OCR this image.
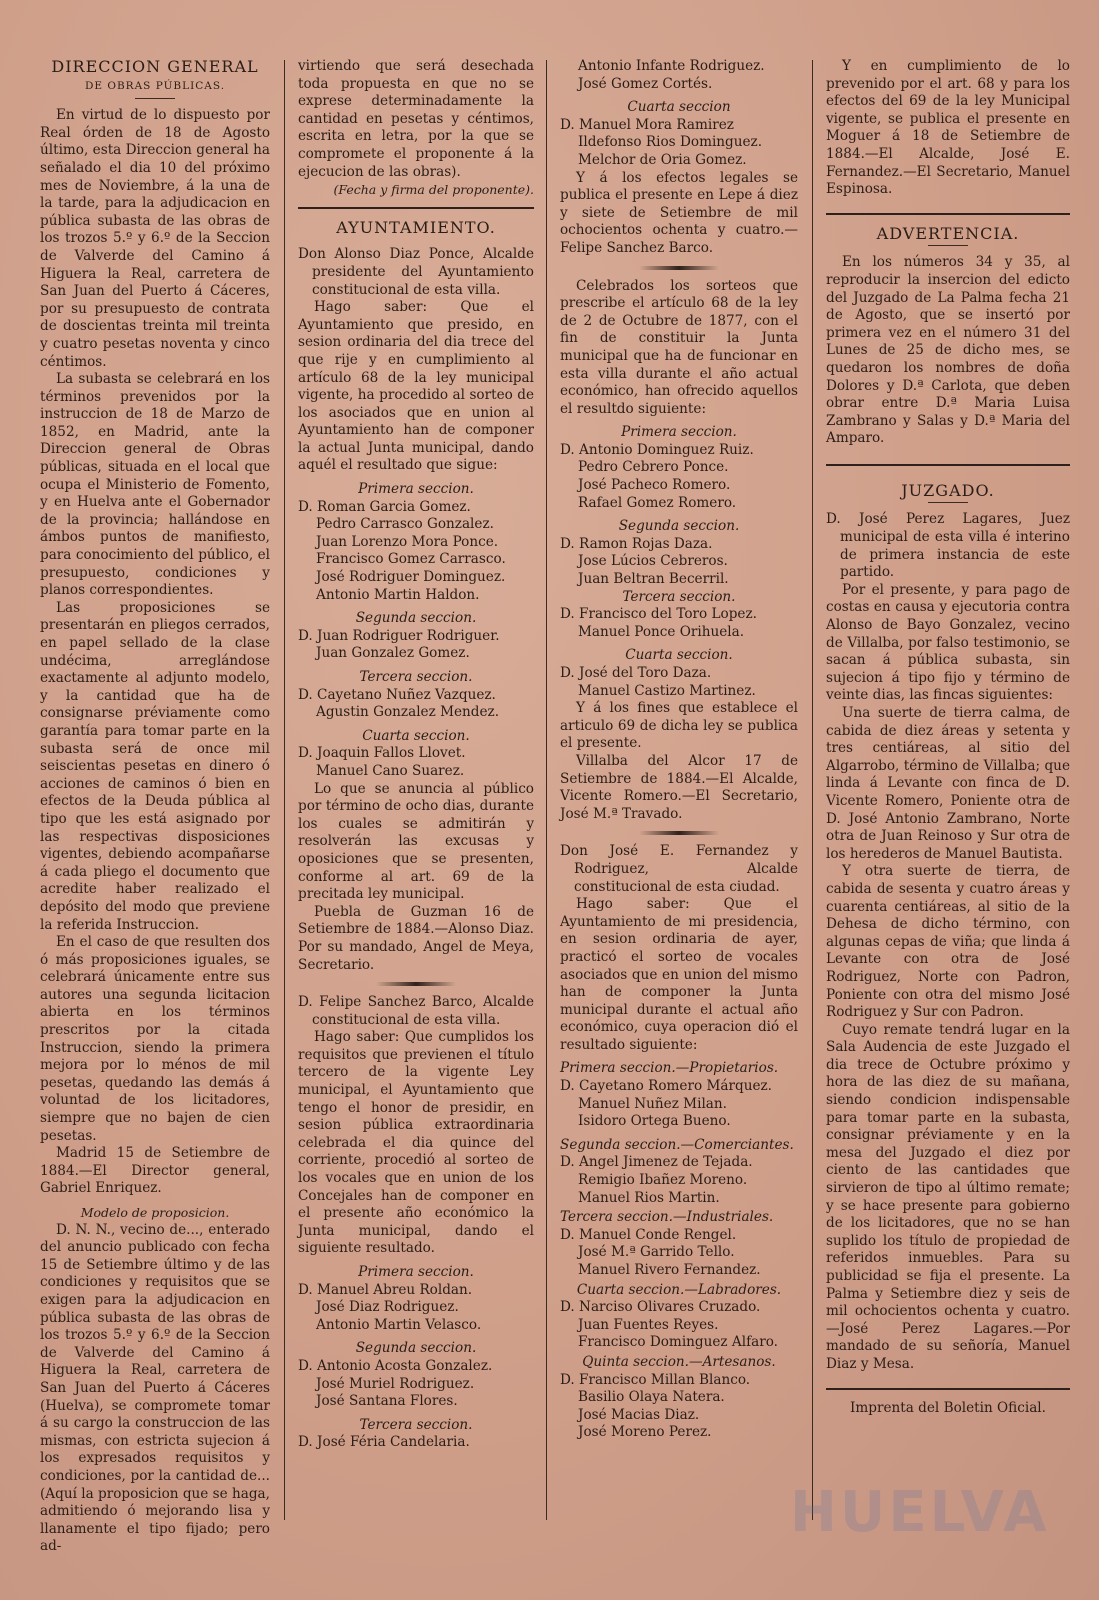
DIRECCION GENERAL
DE OBRAS PÚBLICAS.

En virtud de lo dispuesto por Real órden de 18 de Agosto último, esta Direccion general ha señalado el dia 10 del próximo mes de Noviembre, á la una de la tarde, para la adjudicacion en pública subasta de las obras de los trozos 5.º y 6.º de la Seccion de Valverde del Camino á Higuera la Real, carretera de San Juan del Puerto á Cáceres, por su presupuesto de contrata de doscientas treinta mil treinta y cuatro pesetas noventa y cinco céntimos.

La subasta se celebrará en los términos prevenidos por la instruccion de 18 de Marzo de 1852, en Madrid, ante la Direccion general de Obras públicas, situada en el local que ocupa el Ministerio de Fomento, y en Huelva ante el Gobernador de la provincia; hallándose en ámbos puntos de manifiesto, para conocimiento del público, el presupuesto, condiciones y planos correspondientes.

Las proposiciones se presentarán en pliegos cerrados, en papel sellado de la clase undécima, arreglándose exactamente al adjunto modelo, y la cantidad que ha de consignarse préviamente como garantía para tomar parte en la subasta será de once mil seiscientas pesetas en dinero ó acciones de caminos ó bien en efectos de la Deuda pública al tipo que les está asignado por las respectivas disposiciones vigentes, debiendo acompañarse á cada pliego el documento que acredite haber realizado el depósito del modo que previene la referida Instruccion.

En el caso de que resulten dos ó más proposiciones iguales, se celebrará únicamente entre sus autores una segunda licitacion abierta en los términos prescritos por la citada Instruccion, siendo la primera mejora por lo ménos de mil pesetas, quedando las demás á voluntad de los licitadores, siempre que no bajen de cien pesetas.

Madrid 15 de Setiembre de 1884.—El Director general, Gabriel Enriquez.

Modelo de proposicion.

D. N. N., vecino de..., enterado del anuncio publicado con fecha 15 de Setiembre último y de las condiciones y requisitos que se exigen para la adjudicacion en pública subasta de las obras de los trozos 5.º y 6.º de la Seccion de Valverde del Camino á Higuera la Real, carretera de San Juan del Puerto á Cáceres (Huelva), se compromete tomar á su cargo la construccion de las mismas, con estricta sujecion á los expresados requisitos y condiciones, por la cantidad de... (Aquí la proposicion que se haga, admitiendo ó mejorando lisa y llanamente el tipo fijado; pero ad-

virtiendo que será desechada toda propuesta en que no se exprese determinadamente la cantidad en pesetas y céntimos, escrita en letra, por la que se compromete el proponente á la ejecucion de las obras).

(Fecha y firma del proponente).
AYUNTAMIENTO.

Don Alonso Diaz Ponce, Alcalde presidente del Ayuntamiento constitucional de esta villa.

Hago saber: Que el Ayuntamiento que presido, en sesion ordinaria del dia trece del que rije y en cumplimiento al artículo 68 de la ley municipal vigente, ha procedido al sorteo de los asociados que en union al Ayuntamiento han de componer la actual Junta municipal, dando aquél el resultado que sigue:

Primera seccion.
D. Roman Garcia Gomez.
Pedro Carrasco Gonzalez.
Juan Lorenzo Mora Ponce.
Francisco Gomez Carrasco.
José Rodriguer Dominguez.
Antonio Martin Haldon.
Segunda seccion.
D. Juan Rodriguer Rodriguer.
Juan Gonzalez Gomez.
Tercera seccion.
D. Cayetano Nuñez Vazquez.
Agustin Gonzalez Mendez.
Cuarta seccion.
D. Joaquin Fallos Llovet.
Manuel Cano Suarez.

Lo que se anuncia al público por término de ocho dias, durante los cuales se admitirán y resolverán las excusas y oposiciones que se presenten, conforme al art. 69 de la precitada ley municipal.

Puebla de Guzman 16 de Setiembre de 1884.—Alonso Diaz. Por su mandado, Angel de Meya, Secretario.

D. Felipe Sanchez Barco, Alcalde constitucional de esta villa.

Hago saber: Que cumplidos los requisitos que previenen el título tercero de la vigente Ley municipal, el Ayuntamiento que tengo el honor de presidir, en sesion pública extraordinaria celebrada el dia quince del corriente, procedió al sorteo de los vocales que en union de los Concejales han de componer en el presente año económico la Junta municipal, dando el siguiente resultado.

Primera seccion.
D. Manuel Abreu Roldan.
José Diaz Rodriguez.
Antonio Martin Velasco.
Segunda seccion.
D. Antonio Acosta Gonzalez.
José Muriel Rodriguez.
José Santana Flores.
Tercera seccion.
D. José Féria Candelaria.
Antonio Infante Rodriguez.
José Gomez Cortés.
Cuarta seccion
D. Manuel Mora Ramirez
Ildefonso Rios Dominguez.
Melchor de Oria Gomez.

Y á los efectos legales se publica el presente en Lepe á diez y siete de Setiembre de mil ochocientos ochenta y cuatro.—Felipe Sanchez Barco.

Celebrados los sorteos que prescribe el artículo 68 de la ley de 2 de Octubre de 1877, con el fin de constituir la Junta municipal que ha de funcionar en esta villa durante el año actual económico, han ofrecido aquellos el resultdo siguiente:

Primera seccion.
D. Antonio Dominguez Ruiz.
Pedro Cebrero Ponce.
José Pacheco Romero.
Rafael Gomez Romero.
Segunda seccion.
D. Ramon Rojas Daza.
Jose Lúcios Cebreros.
Juan Beltran Becerril.
Tercera seccion.
D. Francisco del Toro Lopez.
Manuel Ponce Orihuela.
Cuarta seccion.
D. José del Toro Daza.
Manuel Castizo Martinez.

Y á los fines que establece el articulo 69 de dicha ley se publica el presente.

Villalba del Alcor 17 de Setiembre de 1884.—El Alcalde, Vicente Romero.—El Secretario, José M.ª Travado.

Don José E. Fernandez y Rodriguez, Alcalde constitucional de esta ciudad.

Hago saber: Que el Ayuntamiento de mi presidencia, en sesion ordinaria de ayer, practicó el sorteo de vocales asociados que en union del mismo han de componer la Junta municipal durante el actual año económico, cuya operacion dió el resultado siguiente:

Primera seccion.—Propietarios.
D. Cayetano Romero Márquez.
Manuel Nuñez Milan.
Isidoro Ortega Bueno.
Segunda seccion.—Comerciantes.
D. Angel Jimenez de Tejada.
Remigio Ibañez Moreno.
Manuel Rios Martin.
Tercera seccion.—Industriales.
D. Manuel Conde Rengel.
José M.ª Garrido Tello.
Manuel Rivero Fernandez.
Cuarta seccion.—Labradores.
D. Narciso Olivares Cruzado.
Juan Fuentes Reyes.
Francisco Dominguez Alfaro.
Quinta seccion.—Artesanos.
D. Francisco Millan Blanco.
Basilio Olaya Natera.
José Macias Diaz.
José Moreno Perez.

Y en cumplimiento de lo prevenido por el art. 68 y para los efectos del 69 de la ley Municipal vigente, se publica el presente en Moguer á 18 de Setiembre de 1884.—El Alcalde, José E. Fernandez.—El Secretario, Manuel Espinosa.

ADVERTENCIA.

En los números 34 y 35, al reproducir la insercion del edicto del Juzgado de La Palma fecha 21 de Agosto, que se insertó por primera vez en el número 31 del Lunes de 25 de dicho mes, se quedaron los nombres de doña Dolores y D.ª Carlota, que deben obrar entre D.ª Maria Luisa Zambrano y Salas y D.ª Maria del Amparo.

JUZGADO.

D. José Perez Lagares, Juez municipal de esta villa é interino de primera instancia de este partido.

Por el presente, y para pago de costas en causa y ejecutoria contra Alonso de Bayo Gonzalez, vecino de Villalba, por falso testimonio, se sacan á pública subasta, sin sujecion á tipo fijo y término de veinte dias, las fincas siguientes:

Una suerte de tierra calma, de cabida de diez áreas y setenta y tres centiáreas, al sitio del Algarrobo, término de Villalba; que linda á Levante con finca de D. Vicente Romero, Poniente otra de D. José Antonio Zambrano, Norte otra de Juan Reinoso y Sur otra de los herederos de Manuel Bautista.

Y otra suerte de tierra, de cabida de sesenta y cuatro áreas y cuarenta centiáreas, al sitio de la Dehesa de dicho término, con algunas cepas de viña; que linda á Levante con otra de José Rodriguez, Norte con Padron, Poniente con otra del mismo José Rodriguez y Sur con Padron.

Cuyo remate tendrá lugar en la Sala Audencia de este Juzgado el dia trece de Octubre próximo y hora de las diez de su mañana, siendo condicion indispensable para tomar parte en la subasta, consignar préviamente y en la mesa del Juzgado el diez por ciento de las cantidades que sirvieron de tipo al último remate; y se hace presente para gobierno de los licitadores, que no se han suplido los título de propiedad de referidos inmuebles. Para su publicidad se fija el presente. La Palma y Setiembre diez y seis de mil ochocientos ochenta y cuatro.—José Perez Lagares.—Por mandado de su señoría, Manuel Diaz y Mesa.

Imprenta del Boletin Oficial.
HUELVA
